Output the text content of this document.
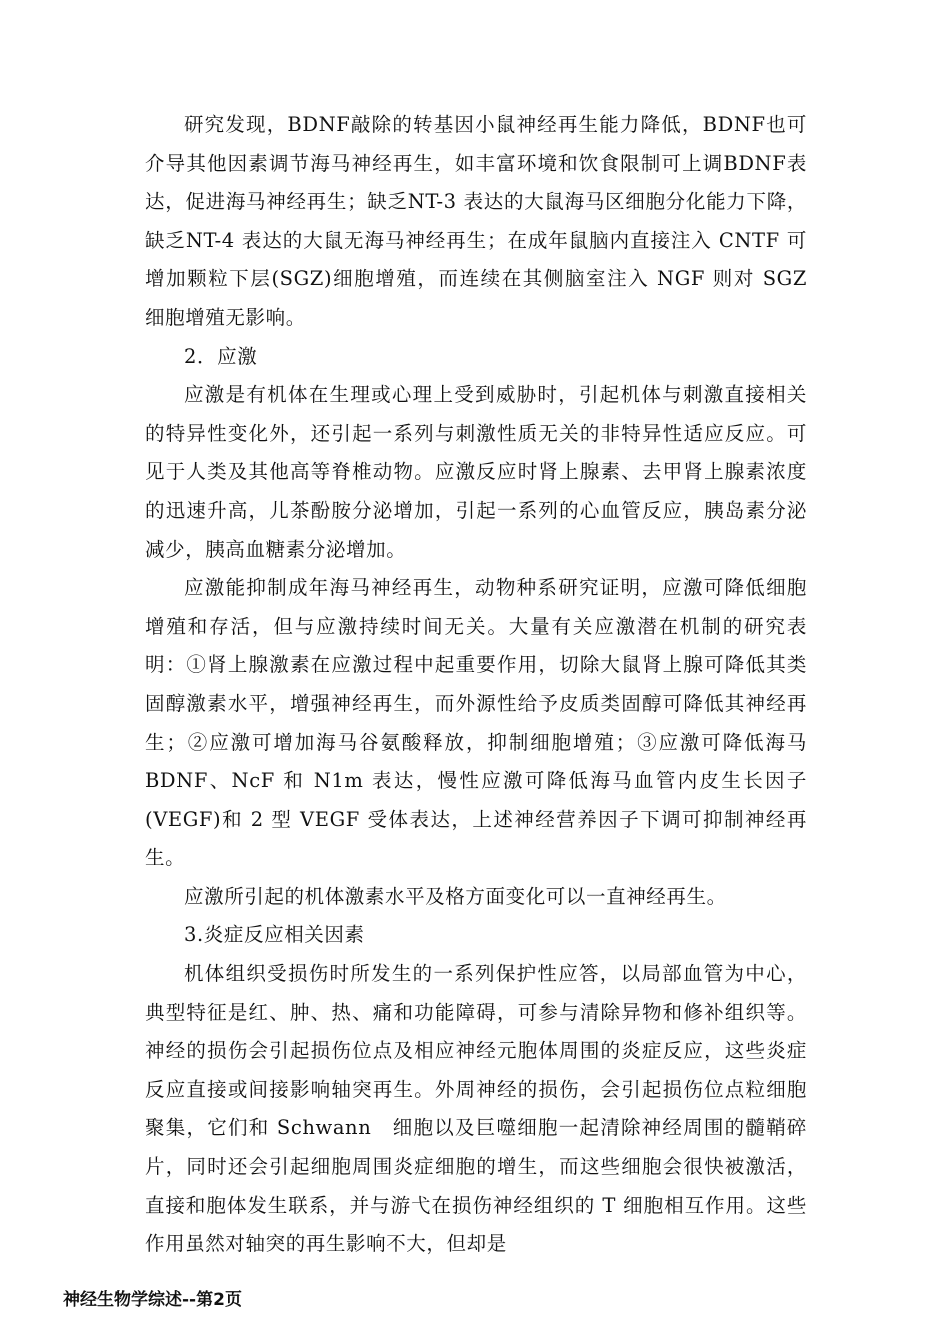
研究发现，BDNF敲除的转基因小鼠神经再生能力降低，BDNF也可介导其他因素调节海马神经再生，如丰富环境和饮食限制可上调BDNF表达，促进海马神经再生；缺乏NT-3 表达的大鼠海马区细胞分化能力下降，缺乏NT-4 表达的大鼠无海马神经再生；在成年鼠脑内直接注入 CNTF 可增加颗粒下层(SGZ)细胞增殖，而连续在其侧脑室注入 NGF 则对 SGZ 细胞增殖无影响。

2．应激

应激是有机体在生理或心理上受到威胁时，引起机体与刺激直接相关的特异性变化外，还引起一系列与刺激性质无关的非特异性适应反应。可见于人类及其他高等脊椎动物。应激反应时肾上腺素、去甲肾上腺素浓度的迅速升高，儿茶酚胺分泌增加，引起一系列的心血管反应，胰岛素分泌减少，胰高血糖素分泌增加。

应激能抑制成年海马神经再生，动物种系研究证明，应激可降低细胞增殖和存活，但与应激持续时间无关。大量有关应激潜在机制的研究表明：①肾上腺激素在应激过程中起重要作用，切除大鼠肾上腺可降低其类固醇激素水平，增强神经再生，而外源性给予皮质类固醇可降低其神经再生；②应激可增加海马谷氨酸释放，抑制细胞增殖；③应激可降低海马 BDNF、NcF 和 N1m 表达，慢性应激可降低海马血管内皮生长因子(VEGF)和 2 型 VEGF 受体表达，上述神经营养因子下调可抑制神经再生。

应激所引起的机体激素水平及格方面变化可以一直神经再生。

3.炎症反应相关因素

机体组织受损伤时所发生的一系列保护性应答，以局部血管为中心，典型特征是红、肿、热、痛和功能障碍，可参与清除异物和修补组织等。神经的损伤会引起损伤位点及相应神经元胞体周围的炎症反应，这些炎症反应直接或间接影响轴突再生。外周神经的损伤，会引起损伤位点粒细胞聚集，它们和 Schwann　细胞以及巨噬细胞一起清除神经周围的髓鞘碎片，同时还会引起细胞周围炎症细胞的增生，而这些细胞会很快被激活，直接和胞体发生联系，并与游弋在损伤神经组织的 T 细胞相互作用。这些作用虽然对轴突的再生影响不大，但却是

神经生物学综述--第2页
